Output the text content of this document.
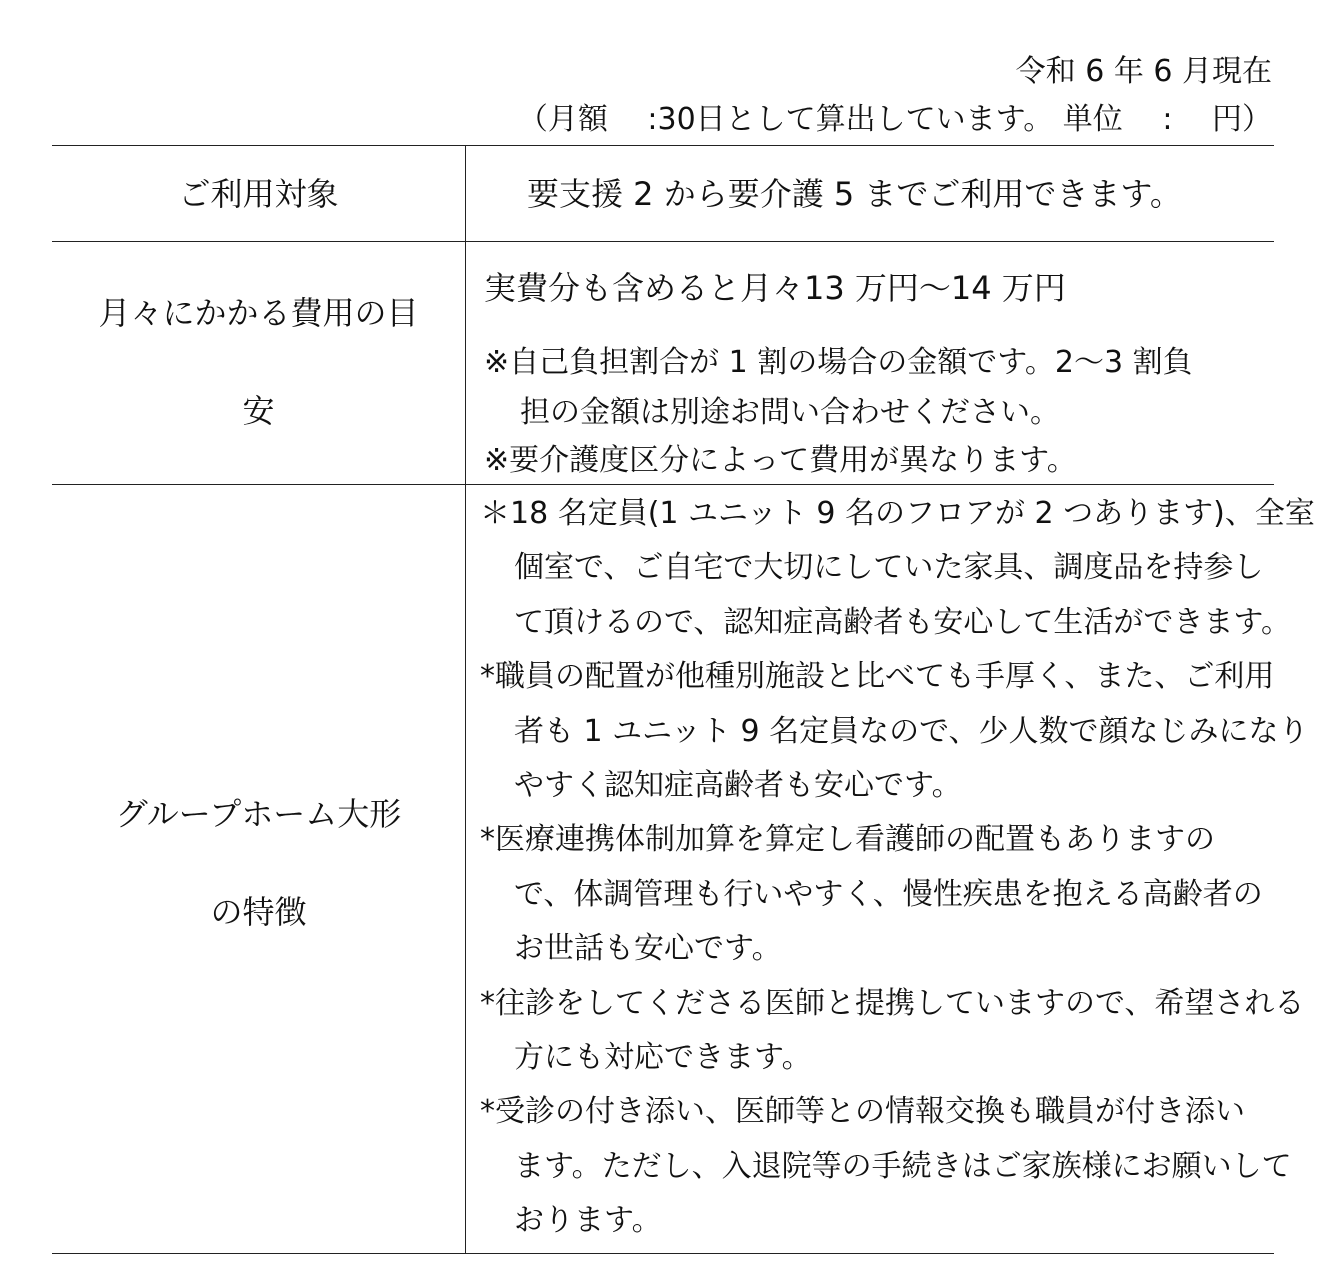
令和 6 年 6 月現在
（月額　 :30日として算出しています。 単位　 :　 円）
ご利用対象	要支援 2 から要介護 5 までご利用できます。
月々にかかる費用の目
安
実費分も含めると月々13 万円～14 万円
※自己負担割合が 1 割の場合の金額です。2～3 割負
担の金額は別途お問い合わせください。
※要介護度区分によって費用が異なります。
グループホーム大形
の特徴
＊18 名定員(1 ユニット 9 名のフロアが 2 つあります)、全室
個室で、ご自宅で大切にしていた家具、調度品を持参し
て頂けるので、認知症高齢者も安心して生活ができます。
*職員の配置が他種別施設と比べても手厚く、また、ご利用
者も 1 ユニット 9 名定員なので、少人数で顔なじみになり
やすく認知症高齢者も安心です。
*医療連携体制加算を算定し看護師の配置もありますの
で、体調管理も行いやすく、慢性疾患を抱える高齢者の
お世話も安心です。
*往診をしてくださる医師と提携していますので、希望される
方にも対応できます。
*受診の付き添い、医師等との情報交換も職員が付き添い
ます。ただし、入退院等の手続きはご家族様にお願いして
おります。
